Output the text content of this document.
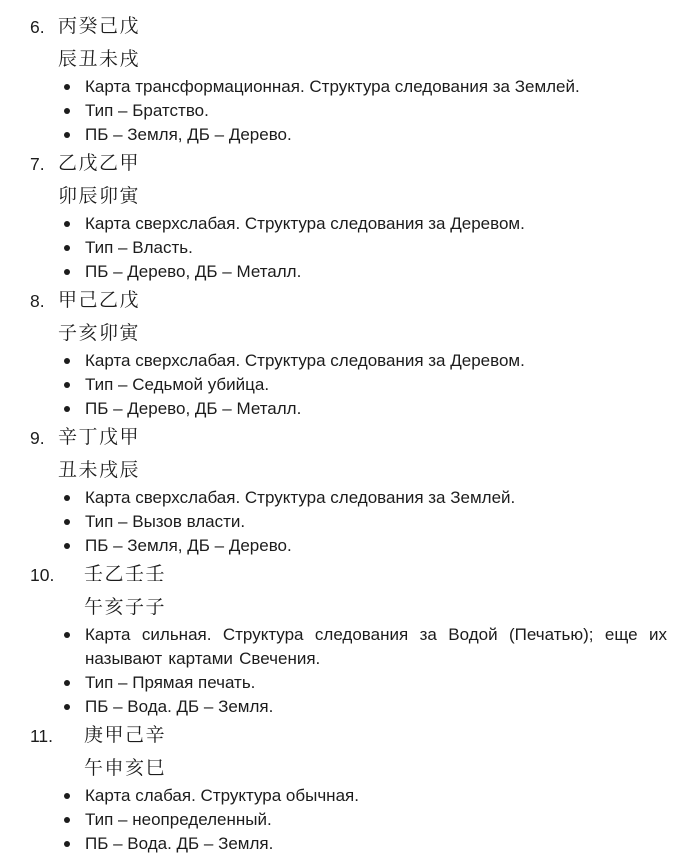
6. 丙癸己戊
辰丑未戌
Карта трансформационная. Структура следования за Землей.
Тип – Братство.
ПБ – Земля, ДБ – Дерево.
7. 乙戊乙甲
卯辰卯寅
Карта сверхслабая. Структура следования за Деревом.
Тип – Власть.
ПБ – Дерево, ДБ – Металл.
8. 甲己乙戊
子亥卯寅
Карта сверхслабая. Структура следования за Деревом.
Тип – Седьмой убийца.
ПБ – Дерево, ДБ – Металл.
9. 辛丁戊甲
丑未戌辰
Карта сверхслабая. Структура следования за Землей.
Тип – Вызов власти.
ПБ – Земля, ДБ – Дерево.
10. 壬乙壬壬
午亥子子
Карта сильная. Структура следования за Водой (Печатью); еще их называют картами Свечения.
Тип – Прямая печать.
ПБ – Вода. ДБ – Земля.
11. 庚甲己辛
午申亥巳
Карта слабая. Структура обычная.
Тип – неопределенный.
ПБ – Вода. ДБ – Земля.
